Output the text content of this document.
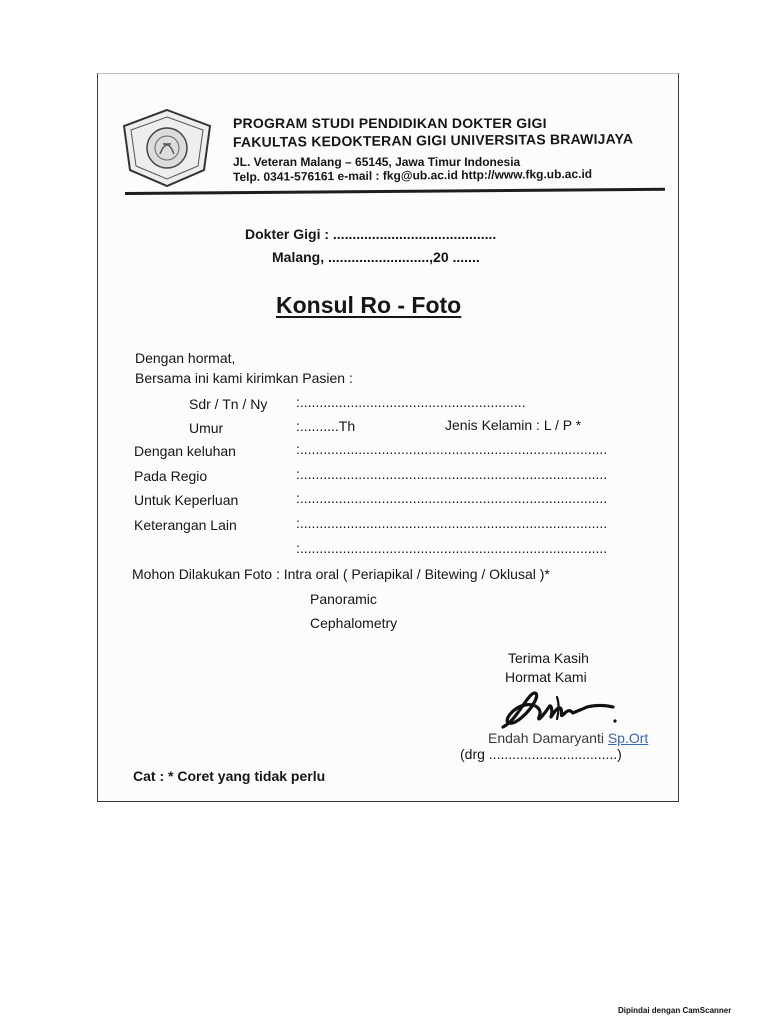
PROGRAM STUDI PENDIDIKAN DOKTER GIGI
FAKULTAS KEDOKTERAN GIGI UNIVERSITAS BRAWIJAYA
JL. Veteran Malang – 65145, Jawa Timur Indonesia
Telp. 0341-576161 e-mail : fkg@ub.ac.id http://www.fkg.ub.ac.id
Dokter Gigi : ..........................................
Malang, ..........................,20 .......
Konsul Ro - Foto
Dengan hormat,
Bersama ini kami kirimkan Pasien :
Sdr / Tn / Ny :..........................................................
Umur	:..........Th	Jenis Kelamin : L / P *
Dengan keluhan	:...............................................................................
Pada Regio	:...............................................................................
Untuk Keperluan	:...............................................................................
Keterangan Lain	:...............................................................................
:...............................................................................
Mohon Dilakukan Foto : Intra oral ( Periapikal / Bitewing / Oklusal )*
Panoramic
Cephalometry
Terima Kasih
Hormat Kami
Endah Damaryanti Sp.Ort
(drg .................................)
Cat : * Coret yang tidak perlu
Dipindai dengan CamScanner
